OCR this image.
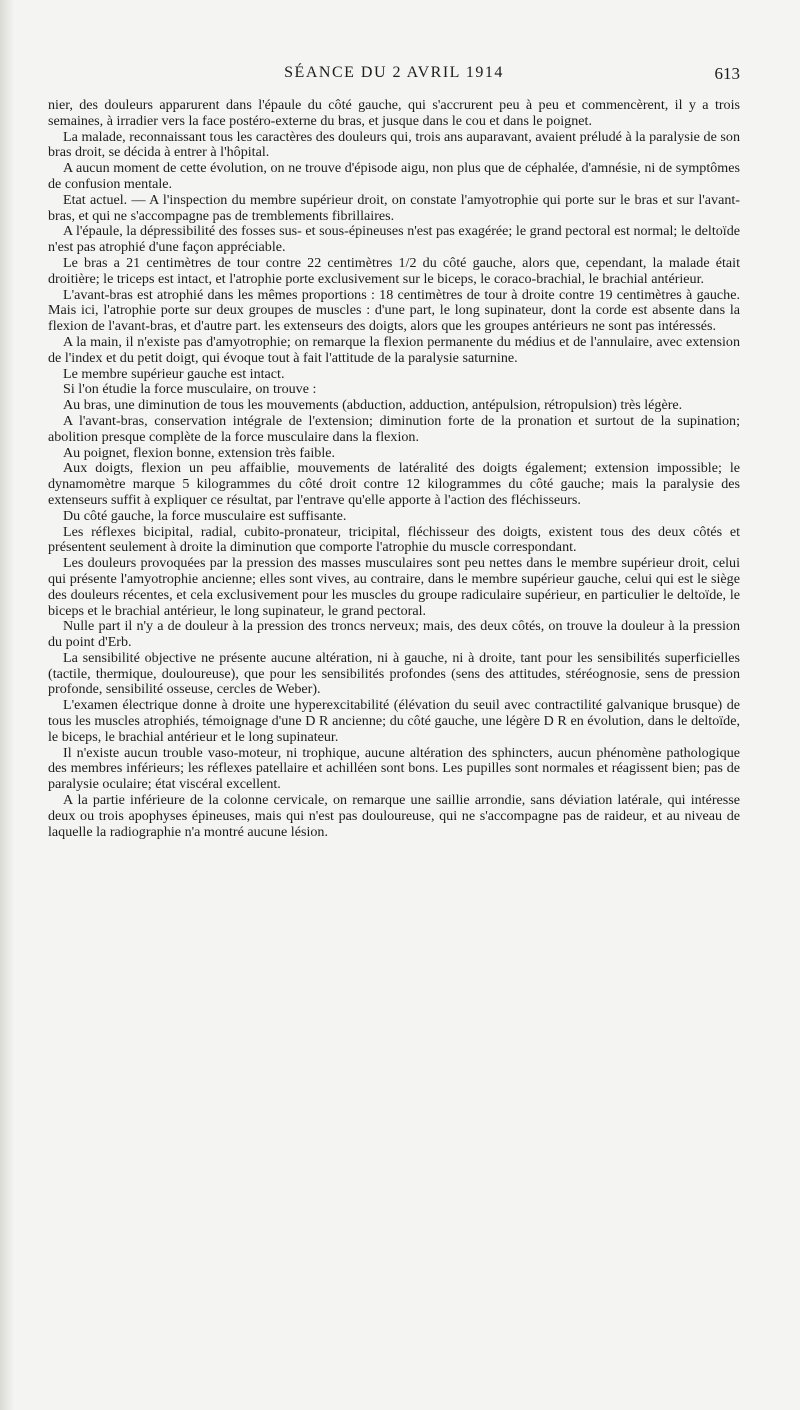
SÉANCE DU 2 AVRIL 1914	613

nier, des douleurs apparurent dans l'épaule du côté gauche, qui s'accrurent peu à peu et commencèrent, il y a trois semaines, à irradier vers la face postéro-externe du bras, et jusque dans le cou et dans le poignet.

La malade, reconnaissant tous les caractères des douleurs qui, trois ans auparavant, avaient préludé à la paralysie de son bras droit, se décida à entrer à l'hôpital.

A aucun moment de cette évolution, on ne trouve d'épisode aigu, non plus que de céphalée, d'amnésie, ni de symptômes de confusion mentale.

Etat actuel. — A l'inspection du membre supérieur droit, on constate l'amyotrophie qui porte sur le bras et sur l'avant-bras, et qui ne s'accompagne pas de tremblements fibrillaires.

A l'épaule, la dépressibilité des fosses sus- et sous-épineuses n'est pas exagérée; le grand pectoral est normal; le deltoïde n'est pas atrophié d'une façon appréciable.

Le bras a 21 centimètres de tour contre 22 centimètres 1/2 du côté gauche, alors que, cependant, la malade était droitière; le triceps est intact, et l'atrophie porte exclusivement sur le biceps, le coraco-brachial, le brachial antérieur.

L'avant-bras est atrophié dans les mêmes proportions : 18 centimètres de tour à droite contre 19 centimètres à gauche. Mais ici, l'atrophie porte sur deux groupes de muscles : d'une part, le long supinateur, dont la corde est absente dans la flexion de l'avant-bras, et d'autre part. les extenseurs des doigts, alors que les groupes antérieurs ne sont pas intéressés.

A la main, il n'existe pas d'amyotrophie; on remarque la flexion permanente du médius et de l'annulaire, avec extension de l'index et du petit doigt, qui évoque tout à fait l'attitude de la paralysie saturnine.

Le membre supérieur gauche est intact.

Si l'on étudie la force musculaire, on trouve :

Au bras, une diminution de tous les mouvements (abduction, adduction, antépulsion, rétropulsion) très légère.

A l'avant-bras, conservation intégrale de l'extension; diminution forte de la pronation et surtout de la supination; abolition presque complète de la force musculaire dans la flexion.

Au poignet, flexion bonne, extension très faible.

Aux doigts, flexion un peu affaiblie, mouvements de latéralité des doigts également; extension impossible; le dynamomètre marque 5 kilogrammes du côté droit contre 12 kilogrammes du côté gauche; mais la paralysie des extenseurs suffit à expliquer ce résultat, par l'entrave qu'elle apporte à l'action des fléchisseurs.

Du côté gauche, la force musculaire est suffisante.

Les réflexes bicipital, radial, cubito-pronateur, tricipital, fléchisseur des doigts, existent tous des deux côtés et présentent seulement à droite la diminution que comporte l'atrophie du muscle correspondant.

Les douleurs provoquées par la pression des masses musculaires sont peu nettes dans le membre supérieur droit, celui qui présente l'amyotrophie ancienne; elles sont vives, au contraire, dans le membre supérieur gauche, celui qui est le siège des douleurs récentes, et cela exclusivement pour les muscles du groupe radiculaire supérieur, en particulier le deltoïde, le biceps et le brachial antérieur, le long supinateur, le grand pectoral.

Nulle part il n'y a de douleur à la pression des troncs nerveux; mais, des deux côtés, on trouve la douleur à la pression du point d'Erb.

La sensibilité objective ne présente aucune altération, ni à gauche, ni à droite, tant pour les sensibilités superficielles (tactile, thermique, douloureuse), que pour les sensibilités profondes (sens des attitudes, stéréognosie, sens de pression profonde, sensibilité osseuse, cercles de Weber).

L'examen électrique donne à droite une hyperexcitabilité (élévation du seuil avec contractilité galvanique brusque) de tous les muscles atrophiés, témoignage d'une D R ancienne; du côté gauche, une légère D R en évolution, dans le deltoïde, le biceps, le brachial antérieur et le long supinateur.

Il n'existe aucun trouble vaso-moteur, ni trophique, aucune altération des sphincters, aucun phénomène pathologique des membres inférieurs; les réflexes patellaire et achilléen sont bons. Les pupilles sont normales et réagissent bien; pas de paralysie oculaire; état viscéral excellent.

A la partie inférieure de la colonne cervicale, on remarque une saillie arrondie, sans déviation latérale, qui intéresse deux ou trois apophyses épineuses, mais qui n'est pas douloureuse, qui ne s'accompagne pas de raideur, et au niveau de laquelle la radiographie n'a montré aucune lésion.
